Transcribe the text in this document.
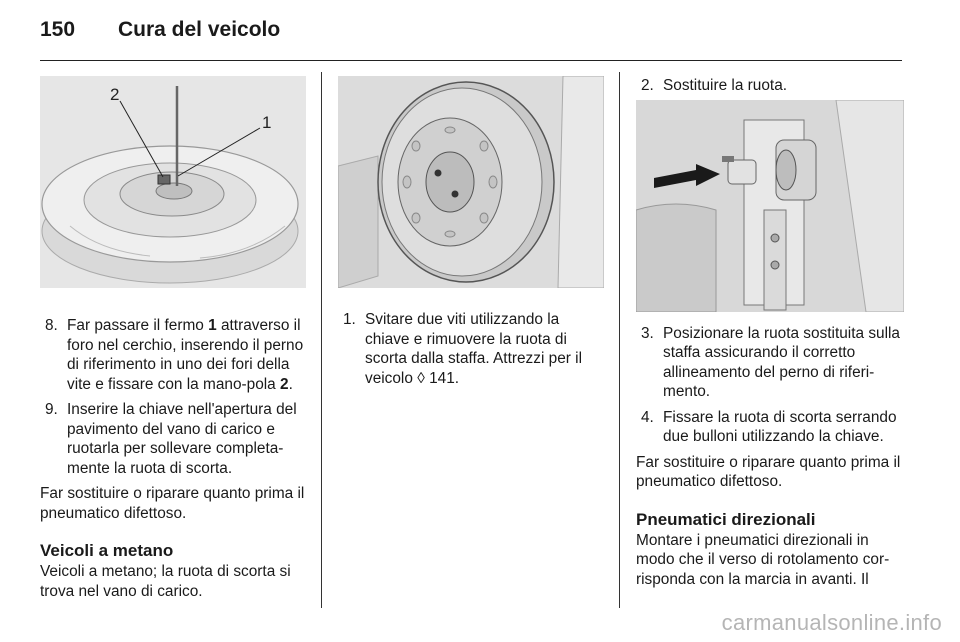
150 Cura del veicolo
2
1
8. Far passare il fermo 1 attraverso il foro nel cerchio, inserendo il perno di riferimento in uno dei fori della vite e fissare con la mano-pola 2.
9. Inserire la chiave nell'apertura del pavimento del vano di carico e ruotarla per sollevare completa-mente la ruota di scorta.

Far sostituire o riparare quanto prima il pneumatico difettoso.

Veicoli a metano

Veicoli a metano; la ruota di scorta si trova nel vano di carico.

1. Svitare due viti utilizzando la chiave e rimuovere la ruota di scorta dalla staffa. Attrezzi per il veicolo ◊ 141.
2. Sostituire la ruota.
3. Posizionare la ruota sostituita sulla staffa assicurando il corretto allineamento del perno di riferi-mento.
4. Fissare la ruota di scorta serrando due bulloni utilizzando la chiave.

Far sostituire o riparare quanto prima il pneumatico difettoso.

Pneumatici direzionali

Montare i pneumatici direzionali in modo che il verso di rotolamento cor-risponda con la marcia in avanti. Il

carmanualsonline.info
